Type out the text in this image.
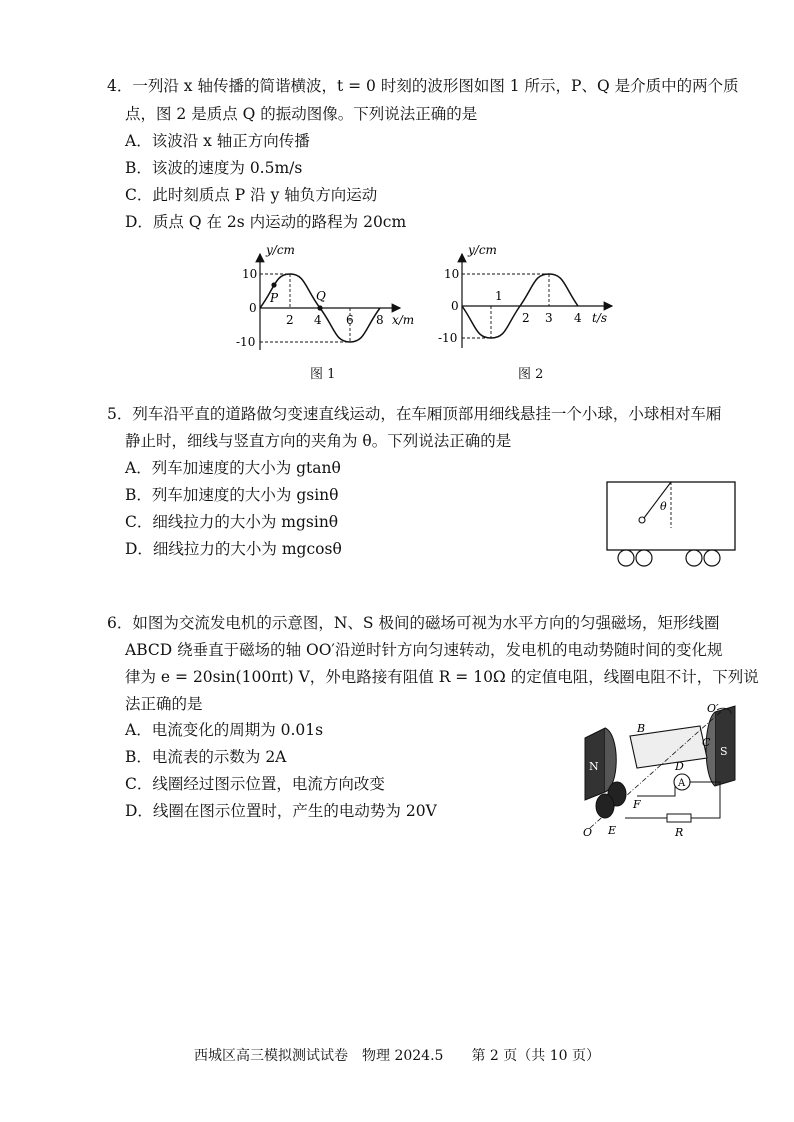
4．一列沿 x 轴传播的简谐横波，t = 0 时刻的波形图如图 1 所示，P、Q 是介质中的两个质
点，图 2 是质点 Q 的振动图像。下列说法正确的是
A．该波沿 x 轴正方向传播
B．该波的速度为 0.5m/s
C．此时刻质点 P 沿 y 轴负方向运动
D．质点 Q 在 2s 内运动的路程为 20cm
y/cm
x/m
10
0
-10
2 4 6 8
P	Q
图 1
y/cm
t/s
10
0
-10
1
2 3 4
图 2
5．列车沿平直的道路做匀变速直线运动，在车厢顶部用细线悬挂一个小球，小球相对车厢
静止时，细线与竖直方向的夹角为 θ。下列说法正确的是
A．列车加速度的大小为 gtanθ
B．列车加速度的大小为 gsinθ
C．细线拉力的大小为 mgsinθ
D．细线拉力的大小为 mgcosθ
θ
6．如图为交流发电机的示意图，N、S 极间的磁场可视为水平方向的匀强磁场，矩形线圈
ABCD 绕垂直于磁场的轴 OO′沿逆时针方向匀速转动，发电机的电动势随时间的变化规
律为 e = 20sin(100πt) V，外电路接有阻值 R = 10Ω 的定值电阻，线圈电阻不计，下列说
法正确的是
A．电流变化的周期为 0.01s
B．电流表的示数为 2A
C．线圈经过图示位置，电流方向改变
D．线圈在图示位置时，产生的电动势为 20V
N
S
A
B
C
D
E
F
O
O′
R
西城区高三模拟测试试卷　物理 2024.5　　第 2 页（共 10 页）
